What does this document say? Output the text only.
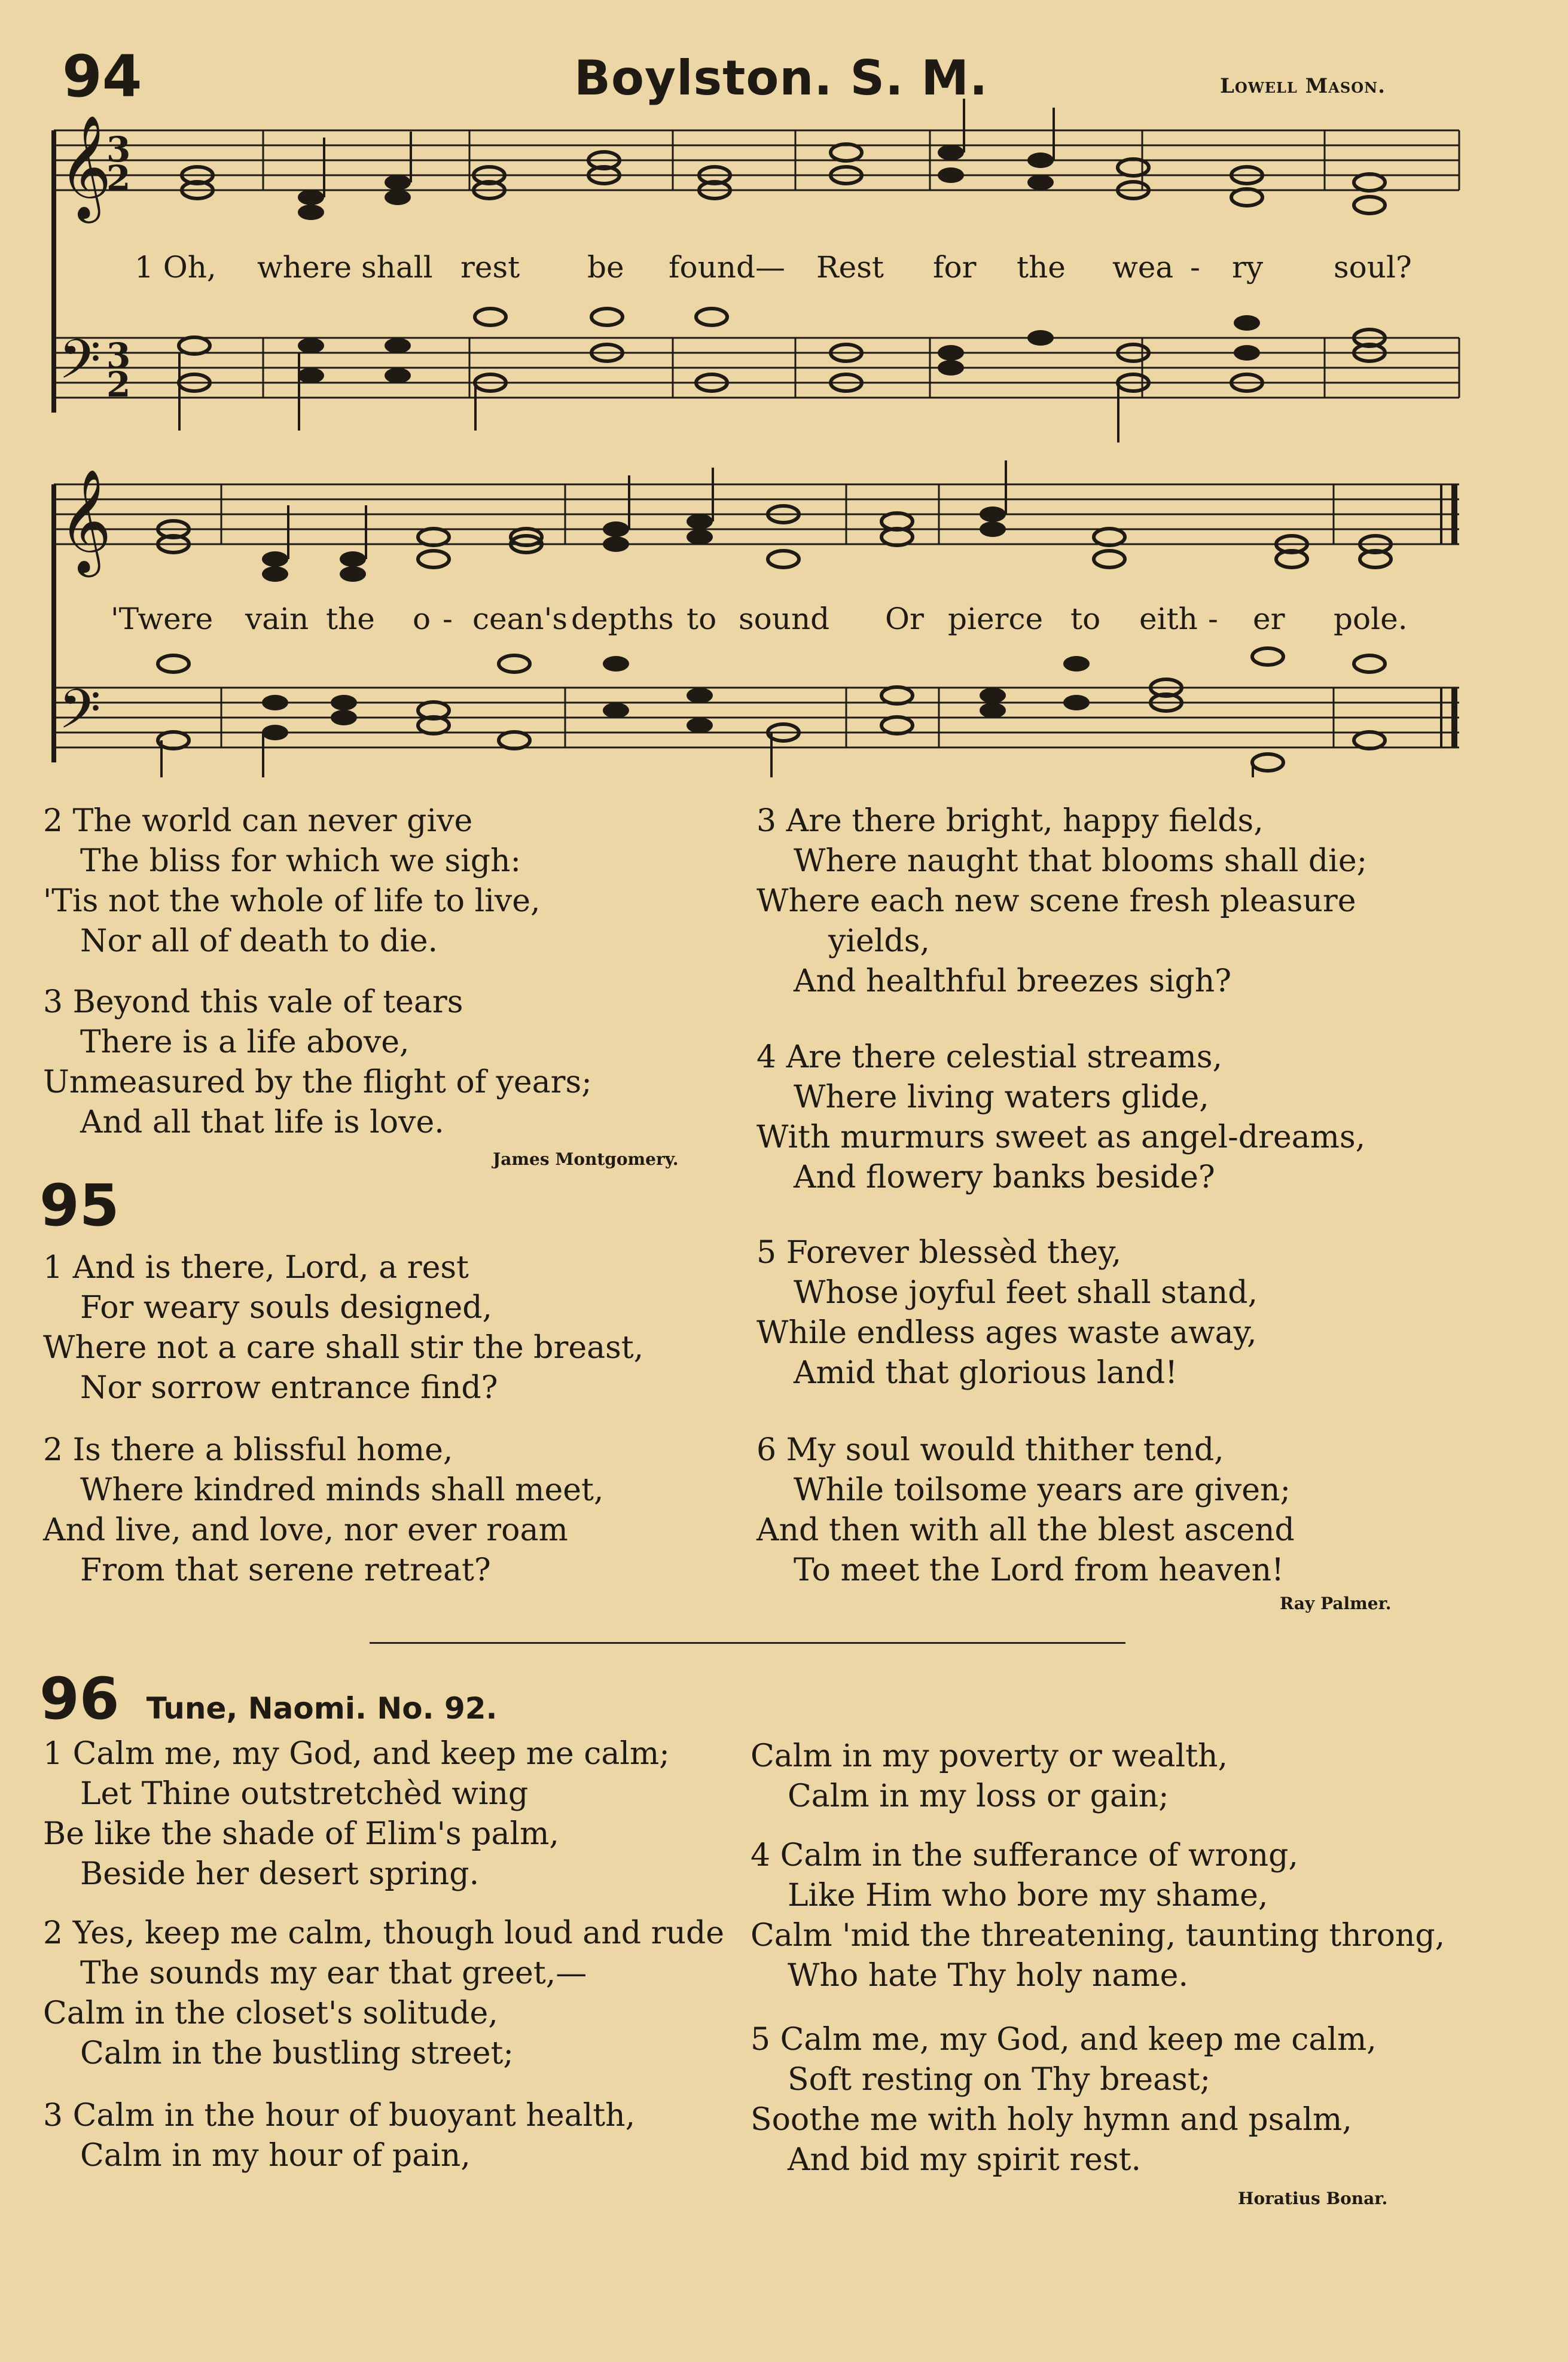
94	Boylston. S. M.	Lowell Mason.
𝄞
3
2
𝄢 3
2
𝄞
𝄢
1 Oh, where shall rest be found— Rest for the wea - ry soul?
'Twere vain the o - cean's depths to sound Or pierce to eith - er pole.
2 The world can never give
The bliss for which we sigh:
'Tis not the whole of life to live,
Nor all of death to die.
3 Beyond this vale of tears
There is a life above,
Unmeasured by the flight of years;
And all that life is love.
James Montgomery.
95
1 And is there, Lord, a rest
For weary souls designed,
Where not a care shall stir the breast,
Nor sorrow entrance find?
2 Is there a blissful home,
Where kindred minds shall meet,
And live, and love, nor ever roam
From that serene retreat?
3 Are there bright, happy fields,
Where naught that blooms shall die;
Where each new scene fresh pleasure
yields,
And healthful breezes sigh?
4 Are there celestial streams,
Where living waters glide,
With murmurs sweet as angel-dreams,
And flowery banks beside?
5 Forever blessèd they,
Whose joyful feet shall stand,
While endless ages waste away,
Amid that glorious land!
6 My soul would thither tend,
While toilsome years are given;
And then with all the blest ascend
To meet the Lord from heaven!
Ray Palmer.
96 Tune, Naomi. No. 92.
1 Calm me, my God, and keep me calm;
Let Thine outstretchèd wing
Be like the shade of Elim's palm,
Beside her desert spring.
2 Yes, keep me calm, though loud and rude
The sounds my ear that greet,—
Calm in the closet's solitude,
Calm in the bustling street;
3 Calm in the hour of buoyant health,
Calm in my hour of pain,
Calm in my poverty or wealth,
Calm in my loss or gain;
4 Calm in the sufferance of wrong,
Like Him who bore my shame,
Calm 'mid the threatening, taunting throng,
Who hate Thy holy name.
5 Calm me, my God, and keep me calm,
Soft resting on Thy breast;
Soothe me with holy hymn and psalm,
And bid my spirit rest.
Horatius Bonar.
